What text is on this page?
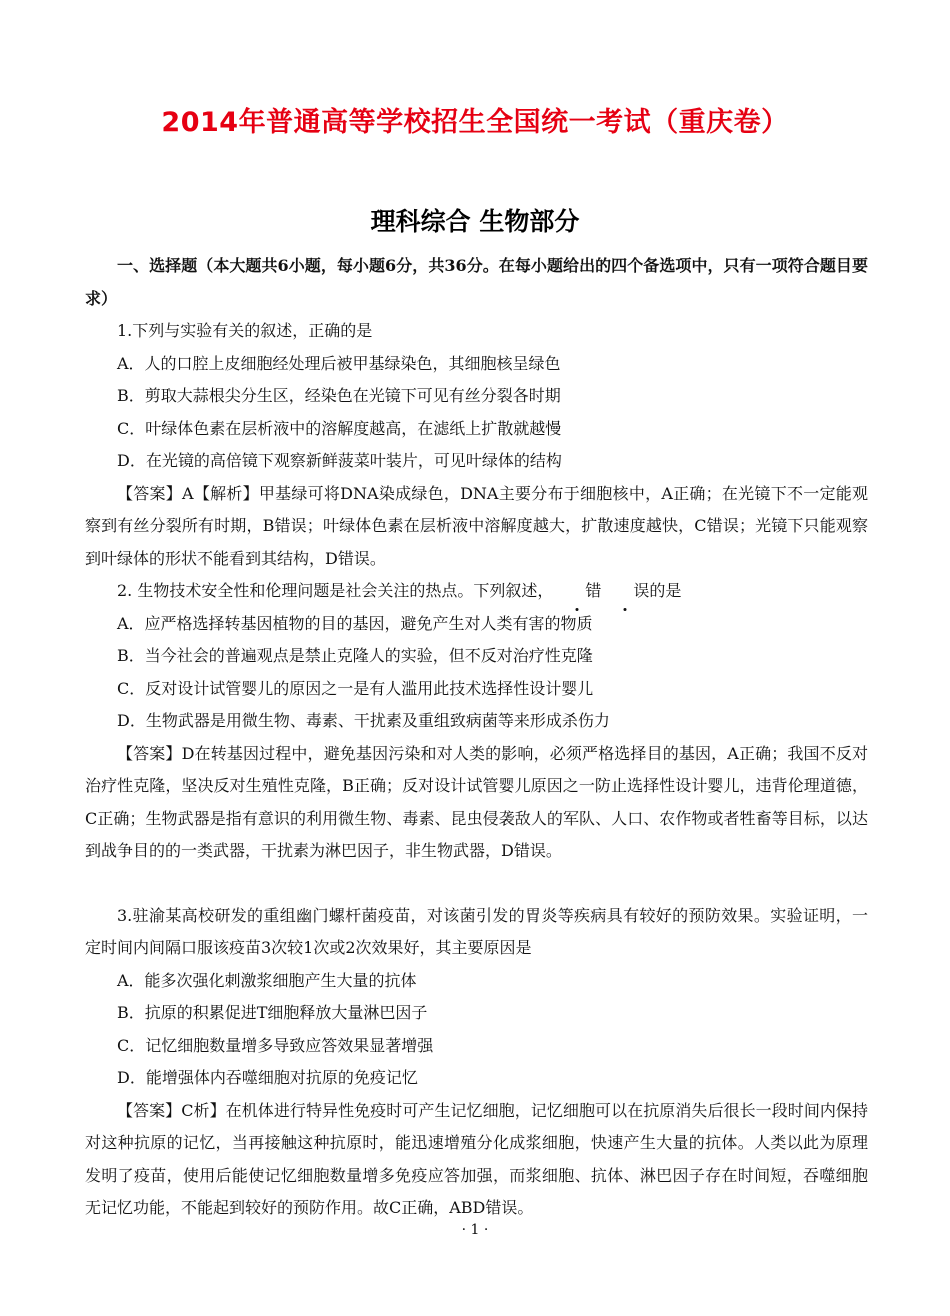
2014年普通高等学校招生全国统一考试（重庆卷）
理科综合 生物部分

一、选择题（本大题共6小题，每小题6分，共36分。在每小题给出的四个备选项中，只有一项符合题目要求）

1.下列与实验有关的叙述，正确的是

A．人的口腔上皮细胞经处理后被甲基绿染色，其细胞核呈绿色

B．剪取大蒜根尖分生区，经染色在光镜下可见有丝分裂各时期

C．叶绿体色素在层析液中的溶解度越高，在滤纸上扩散就越慢

D．在光镜的高倍镜下观察新鲜菠菜叶装片，可见叶绿体的结构

【答案】A【解析】甲基绿可将DNA染成绿色，DNA主要分布于细胞核中，A正确；在光镜下不一定能观察到有丝分裂所有时期，B错误；叶绿体色素在层析液中溶解度越大，扩散速度越快，C错误；光镜下只能观察到叶绿体的形状不能看到其结构，D错误。

2. 生物技术安全性和伦理问题是社会关注的热点。下列叙述， 错 误的是

A．应严格选择转基因植物的目的基因，避免产生对人类有害的物质

B．当今社会的普遍观点是禁止克隆人的实验，但不反对治疗性克隆

C．反对设计试管婴儿的原因之一是有人滥用此技术选择性设计婴儿

D．生物武器是用微生物、毒素、干扰素及重组致病菌等来形成杀伤力

【答案】D在转基因过程中，避免基因污染和对人类的影响，必须严格选择目的基因，A正确；我国不反对治疗性克隆，坚决反对生殖性克隆，B正确；反对设计试管婴儿原因之一防止选择性设计婴儿，违背伦理道德，C正确；生物武器是指有意识的利用微生物、毒素、昆虫侵袭敌人的军队、人口、农作物或者牲畜等目标，以达到战争目的的一类武器，干扰素为淋巴因子，非生物武器，D错误。

3.驻渝某高校研发的重组幽门螺杆菌疫苗，对该菌引发的胃炎等疾病具有较好的预防效果。实验证明，一定时间内间隔口服该疫苗3次较1次或2次效果好，其主要原因是

A．能多次强化刺激浆细胞产生大量的抗体

B．抗原的积累促进T细胞释放大量淋巴因子

C．记忆细胞数量增多导致应答效果显著增强

D．能增强体内吞噬细胞对抗原的免疫记忆

【答案】C析】在机体进行特异性免疫时可产生记忆细胞，记忆细胞可以在抗原消失后很长一段时间内保持对这种抗原的记忆，当再接触这种抗原时，能迅速增殖分化成浆细胞，快速产生大量的抗体。人类以此为原理发明了疫苗，使用后能使记忆细胞数量增多免疫应答加强，而浆细胞、抗体、淋巴因子存在时间短，吞噬细胞无记忆功能，不能起到较好的预防作用。故C正确，ABD错误。

· 1 ·
